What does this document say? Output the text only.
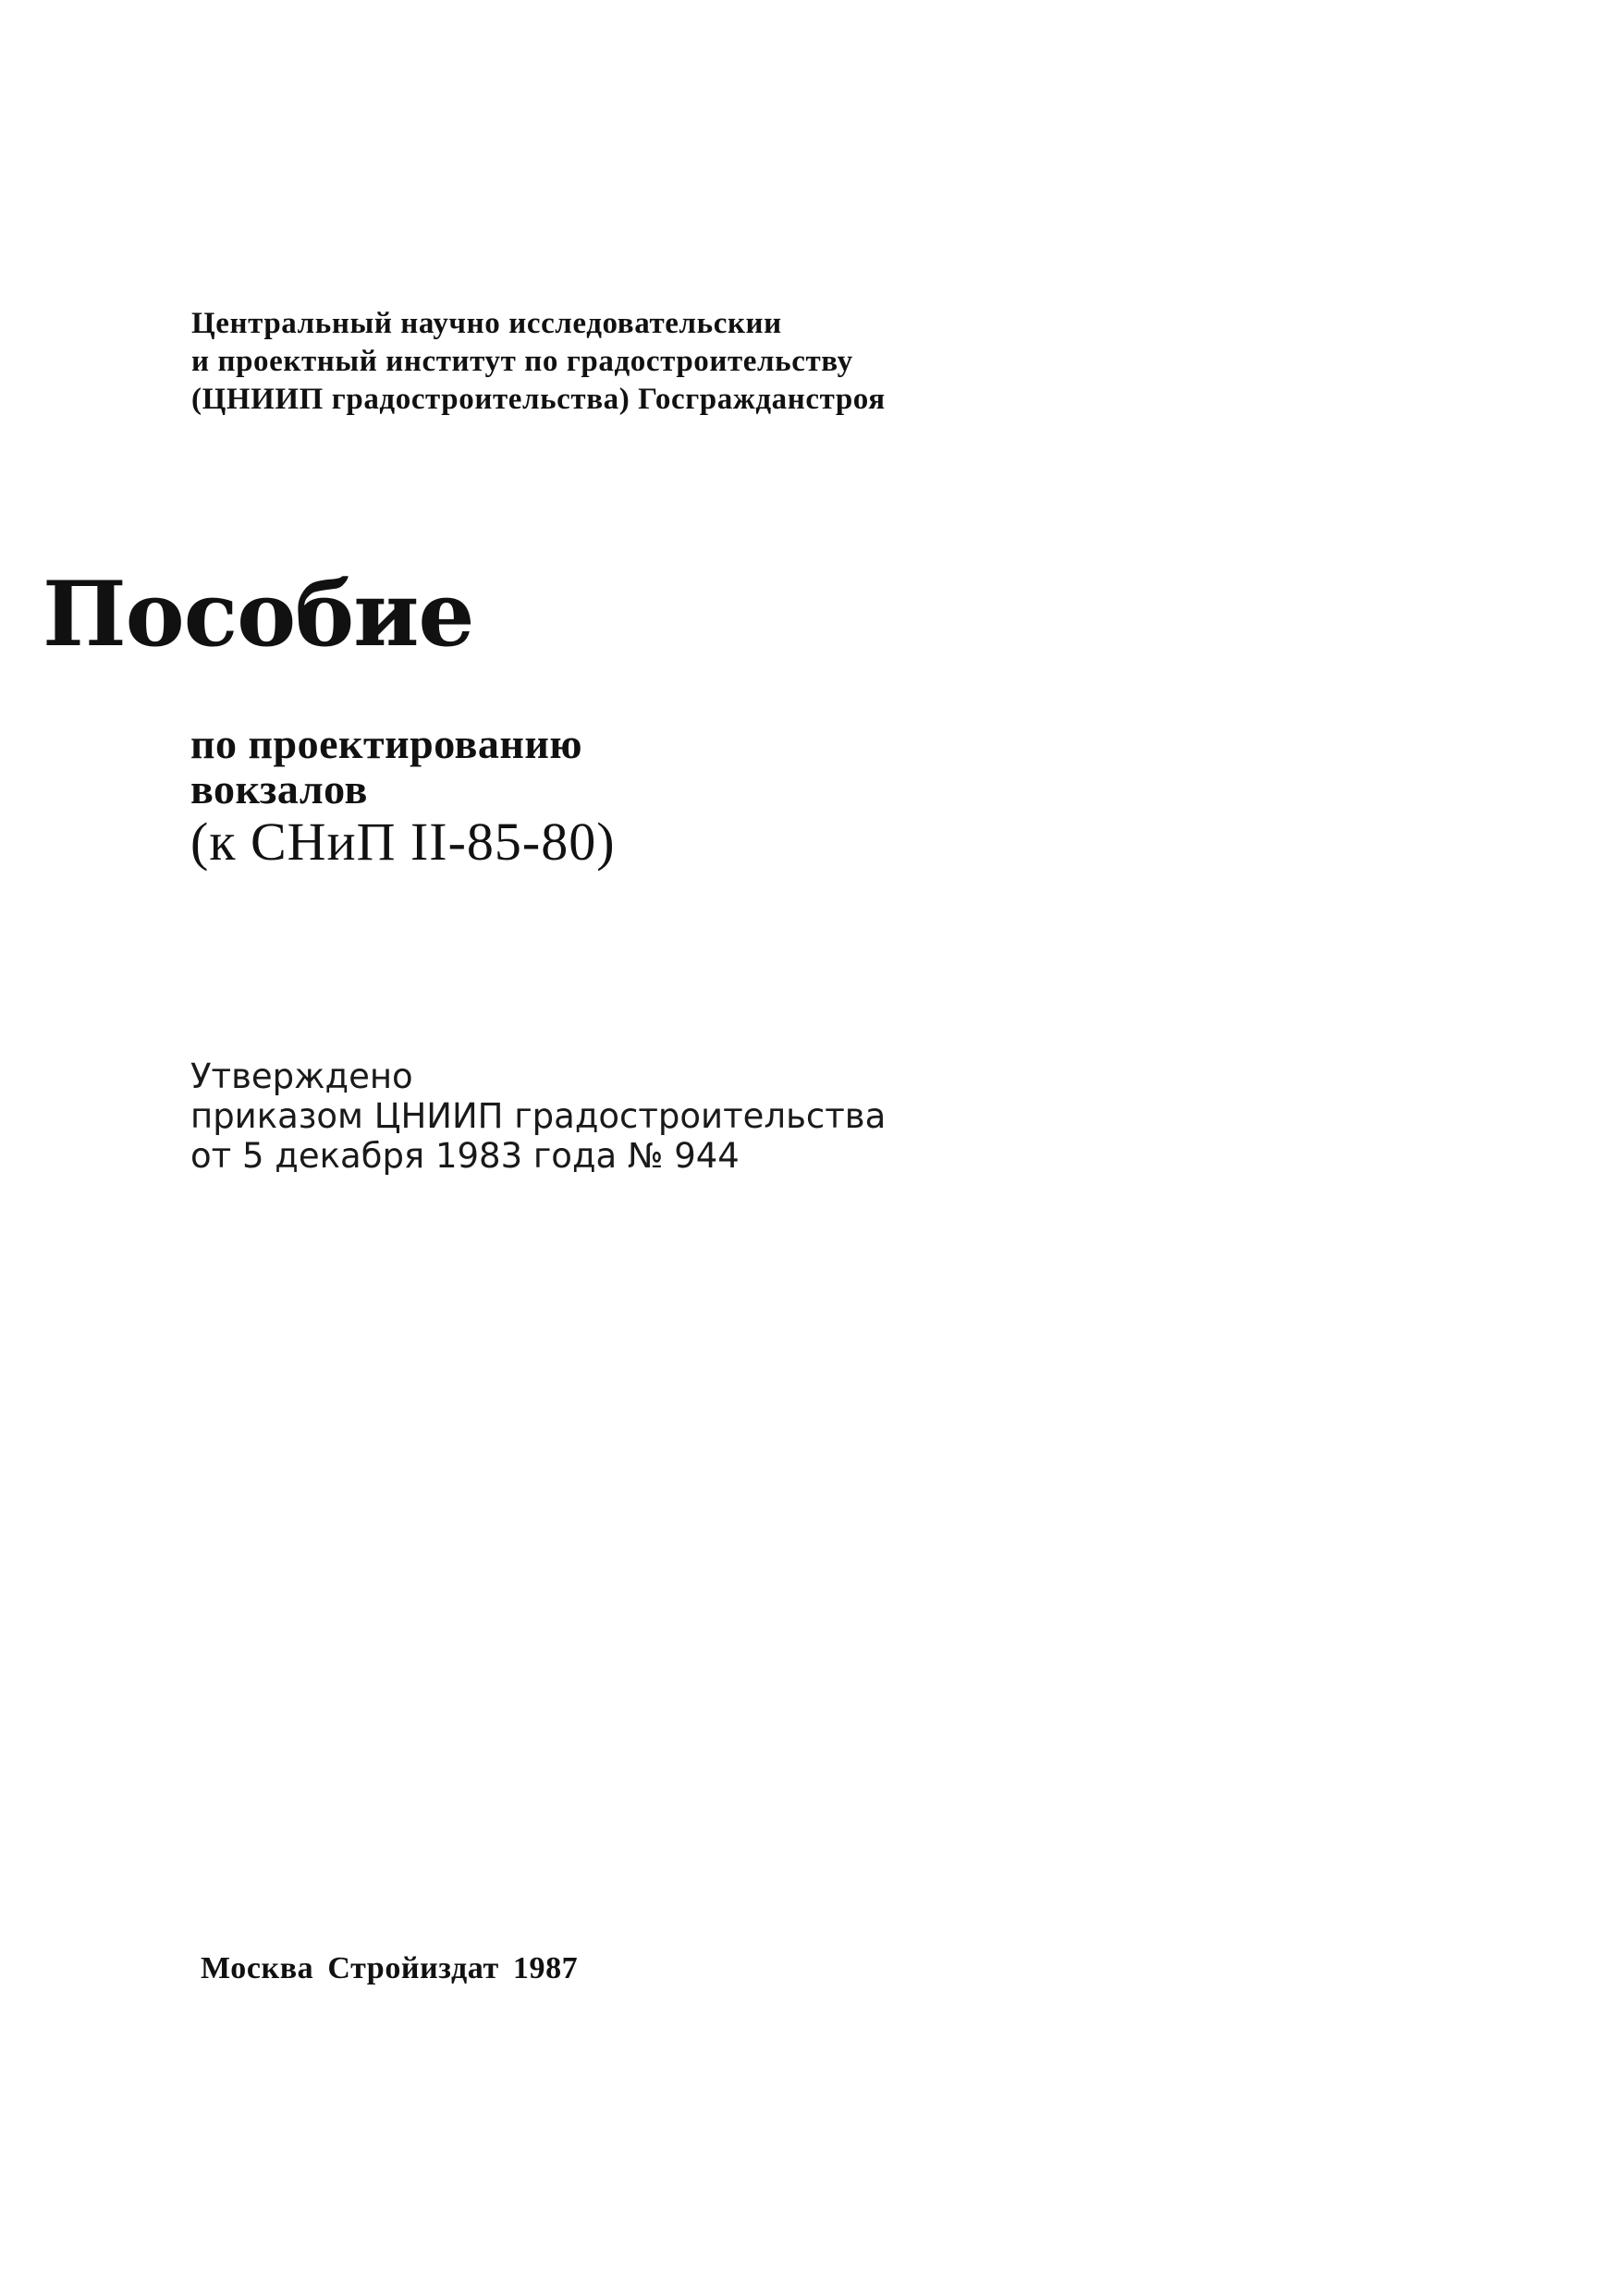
Центральный научно исследовательскии
и проектный институт по градостроительству
(ЦНИИП градостроительства) Госгражданстроя

Пособие
по проектированию
вокзалов
(к СНиП II-85-80)
Утверждено
приказом ЦНИИП градостроительства
от 5 декабря 1983 года № 944
Москва Стройиздат 1987
